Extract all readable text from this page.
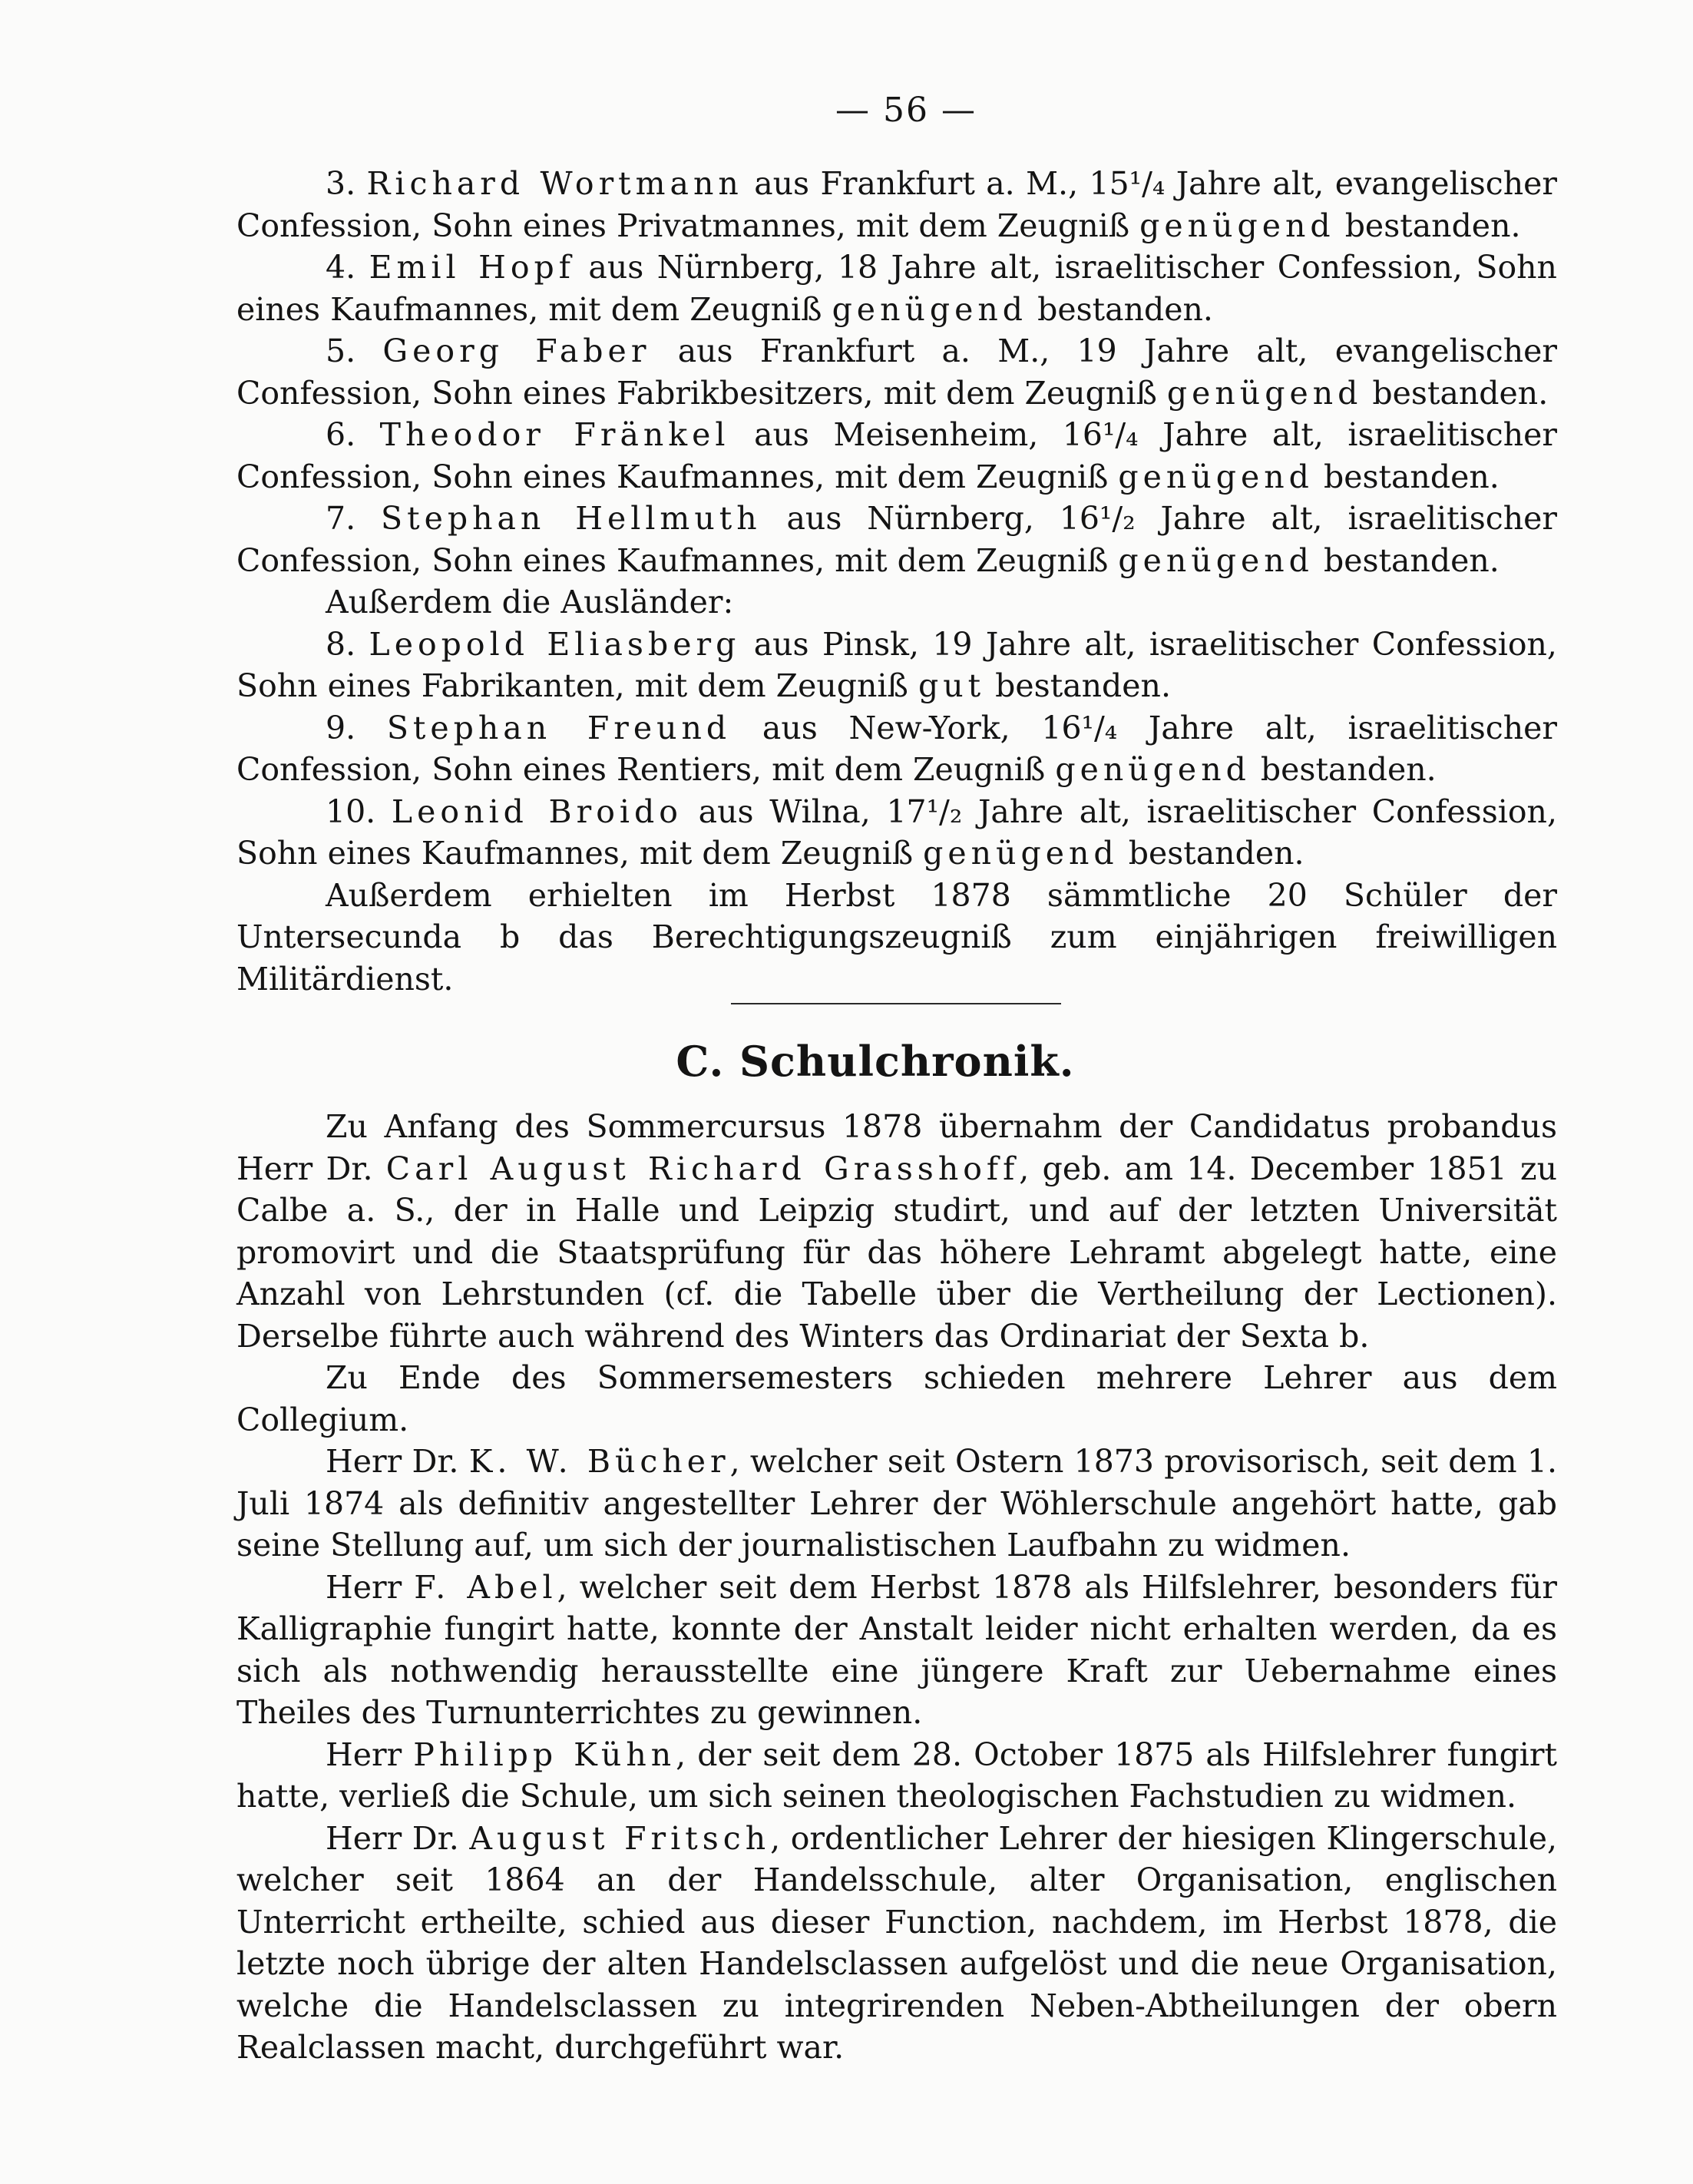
— 56 —

3. Richard Wortmann aus Frankfurt a. M., 15¹/₄ Jahre alt, evangelischer Confession, Sohn eines Privatmannes, mit dem Zeugniß genügend bestanden.

4. Emil Hopf aus Nürnberg, 18 Jahre alt, israelitischer Confession, Sohn eines Kaufmannes, mit dem Zeugniß genügend bestanden.

5. Georg Faber aus Frankfurt a. M., 19 Jahre alt, evangelischer Confession, Sohn eines Fabrikbesitzers, mit dem Zeugniß genügend bestanden.

6. Theodor Fränkel aus Meisenheim, 16¹/₄ Jahre alt, israelitischer Confession, Sohn eines Kaufmannes, mit dem Zeugniß genügend bestanden.

7. Stephan Hellmuth aus Nürnberg, 16¹/₂ Jahre alt, israelitischer Confession, Sohn eines Kaufmannes, mit dem Zeugniß genügend bestanden.

Außerdem die Ausländer:

8. Leopold Eliasberg aus Pinsk, 19 Jahre alt, israelitischer Confession, Sohn eines Fabrikanten, mit dem Zeugniß gut bestanden.

9. Stephan Freund aus New-York, 16¹/₄ Jahre alt, israelitischer Confession, Sohn eines Rentiers, mit dem Zeugniß genügend bestanden.

10. Leonid Broido aus Wilna, 17¹/₂ Jahre alt, israelitischer Confession, Sohn eines Kaufmannes, mit dem Zeugniß genügend bestanden.

Außerdem erhielten im Herbst 1878 sämmtliche 20 Schüler der Untersecunda b das Berechtigungszeugniß zum einjährigen freiwilligen Militärdienst.

C. Schulchronik.

Zu Anfang des Sommercursus 1878 übernahm der Candidatus probandus Herr Dr. Carl August Richard Grasshoff, geb. am 14. December 1851 zu Calbe a. S., der in Halle und Leipzig studirt, und auf der letzten Universität promovirt und die Staatsprüfung für das höhere Lehramt abgelegt hatte, eine Anzahl von Lehrstunden (cf. die Tabelle über die Vertheilung der Lectionen). Derselbe führte auch während des Winters das Ordinariat der Sexta b.

Zu Ende des Sommersemesters schieden mehrere Lehrer aus dem Collegium.

Herr Dr. K. W. Bücher, welcher seit Ostern 1873 provisorisch, seit dem 1. Juli 1874 als definitiv angestellter Lehrer der Wöhlerschule angehört hatte, gab seine Stellung auf, um sich der journalistischen Laufbahn zu widmen.

Herr F. Abel, welcher seit dem Herbst 1878 als Hilfslehrer, besonders für Kalligraphie fungirt hatte, konnte der Anstalt leider nicht erhalten werden, da es sich als nothwendig herausstellte eine jüngere Kraft zur Uebernahme eines Theiles des Turnunterrichtes zu gewinnen.

Herr Philipp Kühn, der seit dem 28. October 1875 als Hilfslehrer fungirt hatte, verließ die Schule, um sich seinen theologischen Fachstudien zu widmen.

Herr Dr. August Fritsch, ordentlicher Lehrer der hiesigen Klingerschule, welcher seit 1864 an der Handelsschule, alter Organisation, englischen Unterricht ertheilte, schied aus dieser Function, nachdem, im Herbst 1878, die letzte noch übrige der alten Handelsclassen aufgelöst und die neue Organisation, welche die Handelsclassen zu integrirenden Neben-Abtheilungen der obern Realclassen macht, durchgeführt war.
